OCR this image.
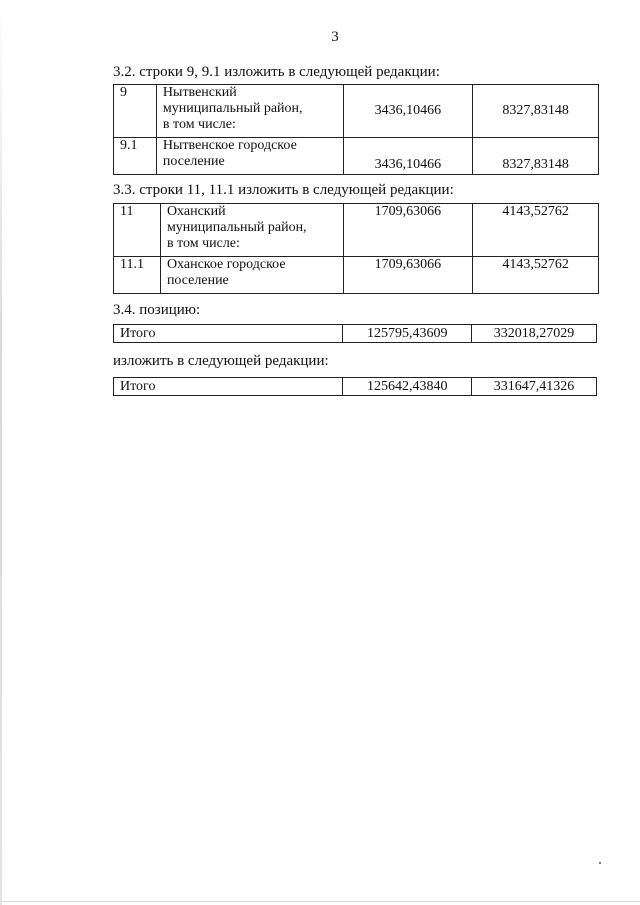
3
3.2. строки 9, 9.1 изложить в следующей редакции:
9	Нытвенский
муниципальный район,
в том числе:	3436,10466	8327,83148
9.1	Нытвенское городское
поселение	3436,10466	8327,83148
3.3. строки 11, 11.1 изложить в следующей редакции:
11	Оханский
муниципальный район,
в том числе:	1709,63066	4143,52762
11.1	Оханское городское
поселение	1709,63066	4143,52762
3.4. позицию:
Итого	125795,43609	332018,27029
изложить в следующей редакции:
Итого	125642,43840	331647,41326
